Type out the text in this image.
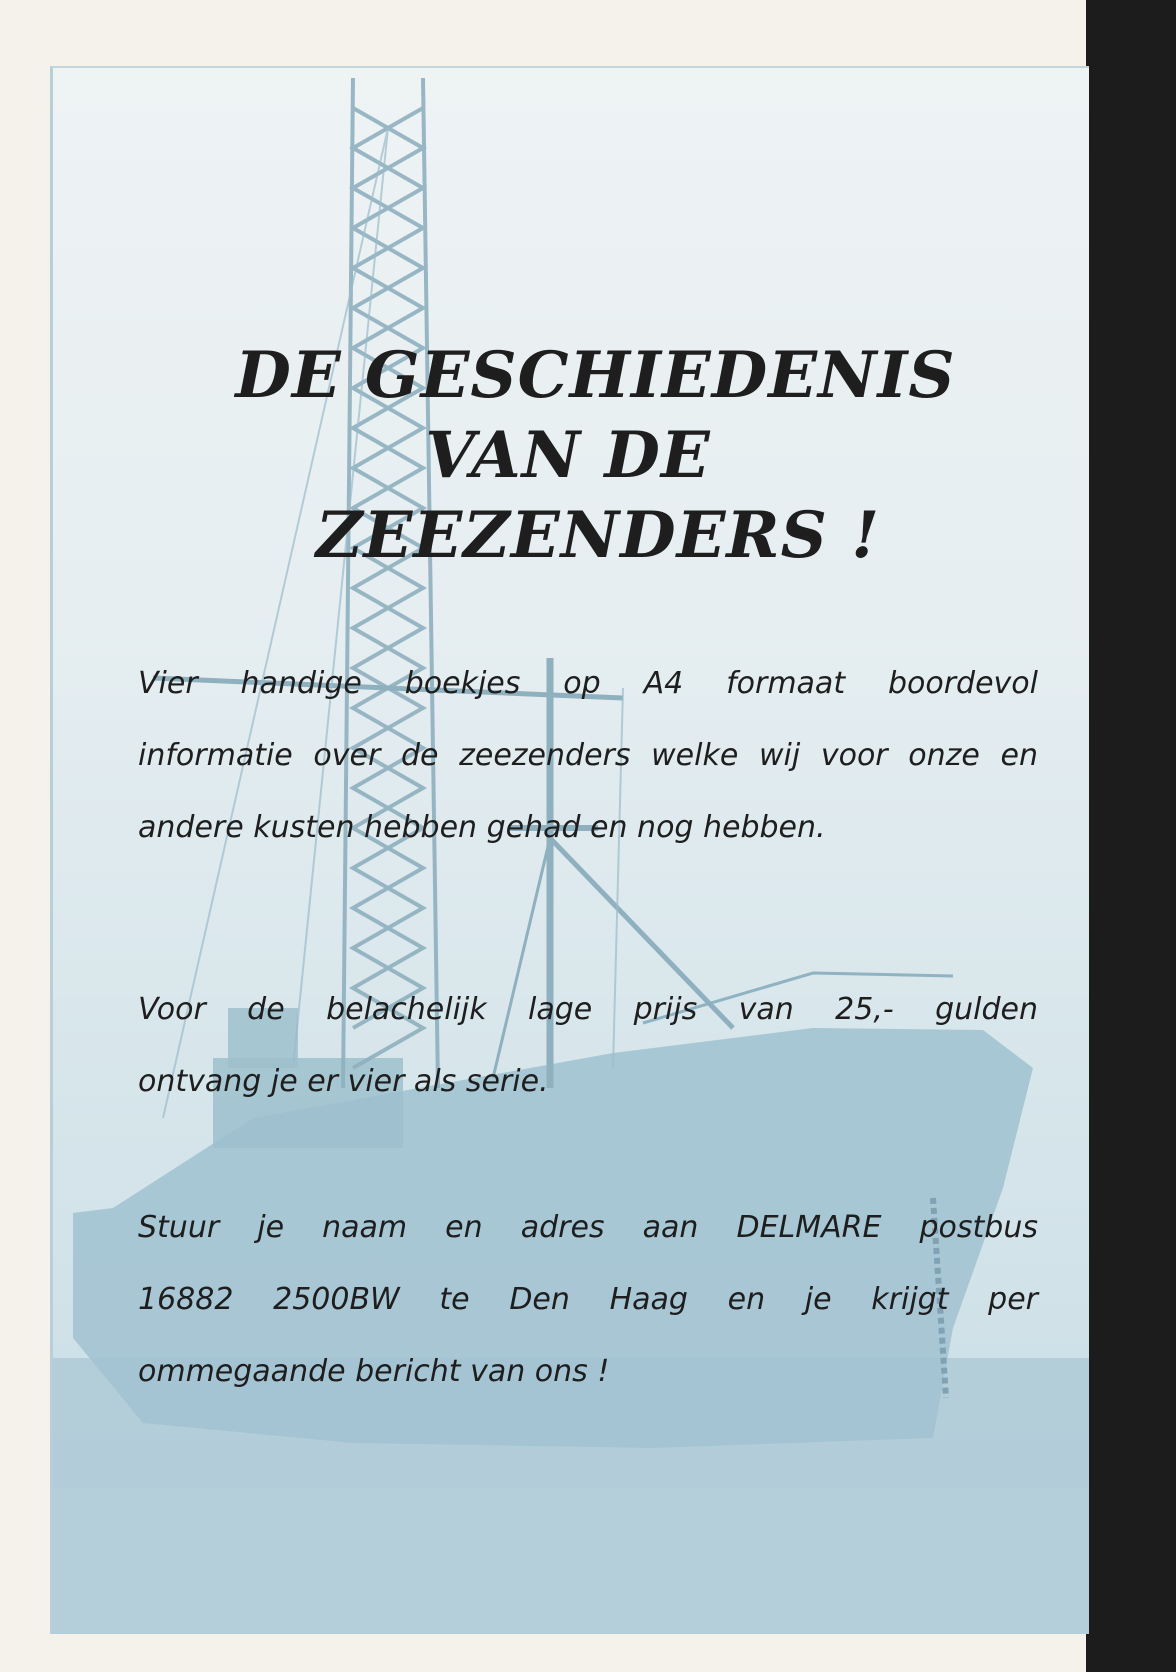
DE GESCHIEDENIS
VAN DE
ZEEZENDERS !

Vier handige boekjes op A4 formaat boordevol
informatie over de zeezenders welke wij voor onze en
andere kusten hebben gehad en nog hebben.

Voor de belachelijk lage prijs van 25,- gulden
ontvang je er vier als serie.

Stuur je naam en adres aan DELMARE postbus
16882 2500BW te Den Haag en je krijgt per
ommegaande bericht van ons !
